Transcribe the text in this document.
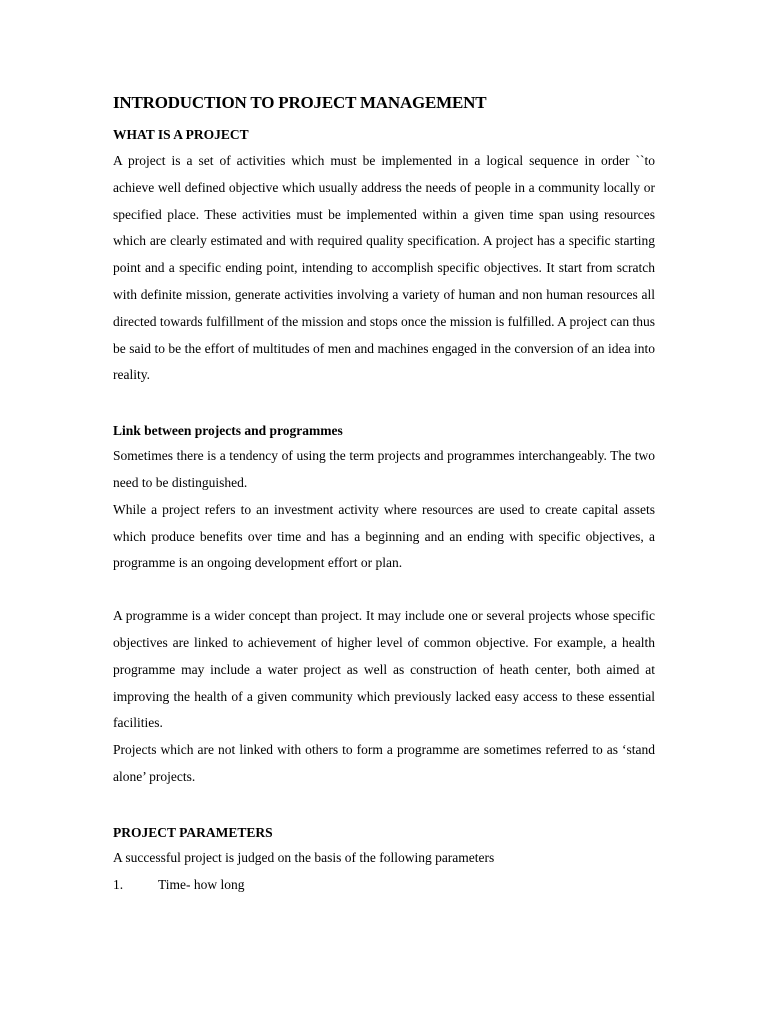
INTRODUCTION TO PROJECT MANAGEMENT
WHAT IS A PROJECT

A project is a set of activities which must be implemented in a logical sequence in order ``to achieve well defined objective which usually address the needs of people in a community locally or specified place. These activities must be implemented within a given time span using resources which are clearly estimated and with required quality specification. A project has a specific starting point and a specific ending point, intending to accomplish specific objectives. It start from scratch with definite mission, generate activities involving a variety of human and non human resources all directed towards fulfillment of the mission and stops once the mission is fulfilled. A project can thus be said to be the effort of multitudes of men and machines engaged in the conversion of an idea into reality.

Link between projects and programmes

Sometimes there is a tendency of using the term projects and programmes interchangeably. The two need to be distinguished.

While a project refers to an investment activity where resources are used to create capital assets which produce benefits over time and has a beginning and an ending with specific objectives, a programme is an ongoing development effort or plan.

A programme is a wider concept than project. It may include one or several projects whose specific objectives are linked to achievement of higher level of common objective. For example, a health programme may include a water project as well as construction of heath center, both aimed at improving the health of a given community which previously lacked easy access to these essential facilities.

Projects which are not linked with others to form a programme are sometimes referred to as ‘stand alone’ projects.

PROJECT PARAMETERS

A successful project is judged on the basis of the following parameters

1.	Time- how long
